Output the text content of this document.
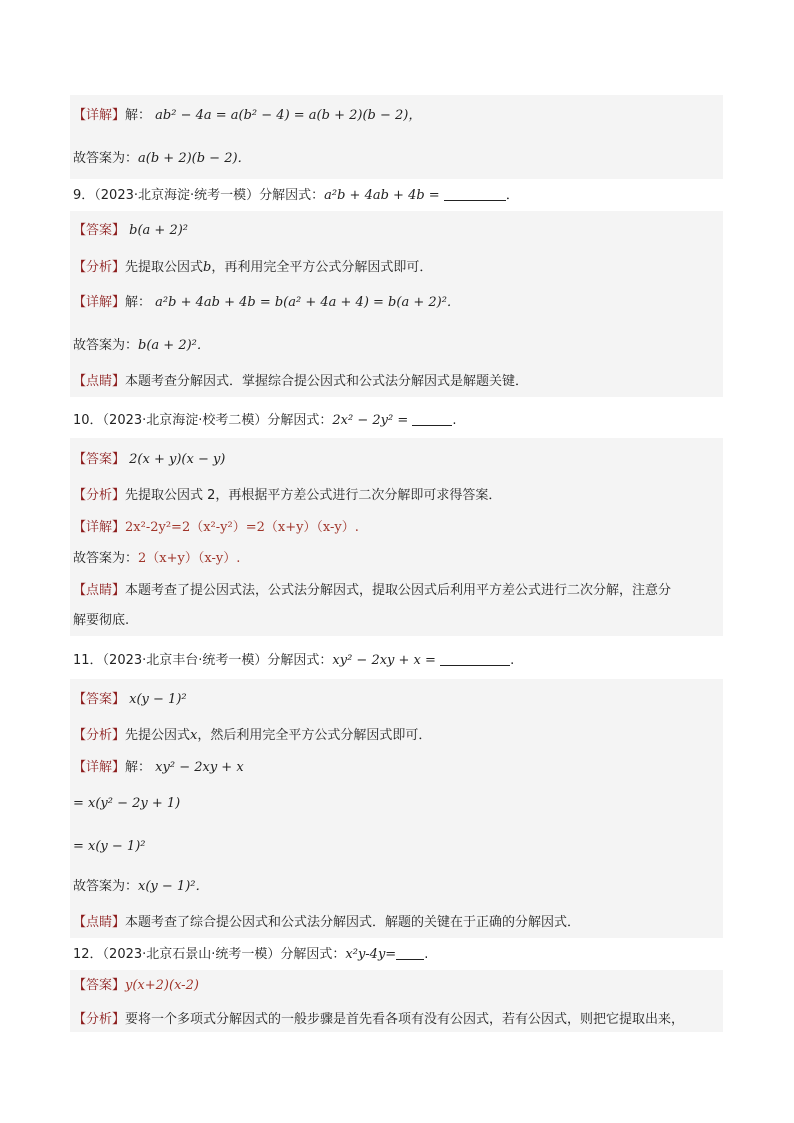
【详解】解： ab² − 4a = a(b² − 4) = a(b + 2)(b − 2)，
故答案为：a(b + 2)(b − 2)．
9．（2023·北京海淀·统考一模）分解因式：a²b + 4ab + 4b =	．
【答案】 b(a + 2)²
【分析】先提取公因式b，再利用完全平方公式分解因式即可．
【详解】解： a²b + 4ab + 4b = b(a² + 4a + 4) = b(a + 2)²．
故答案为：b(a + 2)²．
【点睛】本题考查分解因式．掌握综合提公因式和公式法分解因式是解题关键．
10．（2023·北京海淀·校考二模）分解因式：2x² − 2y² =	.
【答案】 2(x + y)(x − y)
【分析】先提取公因式 2，再根据平方差公式进行二次分解即可求得答案．
【详解】2x²-2y²=2（x²-y²）=2（x+y）（x-y）.
故答案为：2（x+y）（x-y）.
【点睛】本题考查了提公因式法，公式法分解因式，提取公因式后利用平方差公式进行二次分解，注意分
解要彻底.
11．（2023·北京丰台·统考一模）分解因式：xy² − 2xy + x =	.
【答案】 x(y − 1)²
【分析】先提公因式x，然后利用完全平方公式分解因式即可．
【详解】解： xy² − 2xy + x
= x(y² − 2y + 1)
= x(y − 1)²
故答案为：x(y − 1)²．
【点睛】本题考查了综合提公因式和公式法分解因式．解题的关键在于正确的分解因式．
12．（2023·北京石景山·统考一模）分解因式：x²y-4y= .
【答案】y(x+2)(x-2)
【分析】要将一个多项式分解因式的一般步骤是首先看各项有没有公因式，若有公因式，则把它提取出来，
